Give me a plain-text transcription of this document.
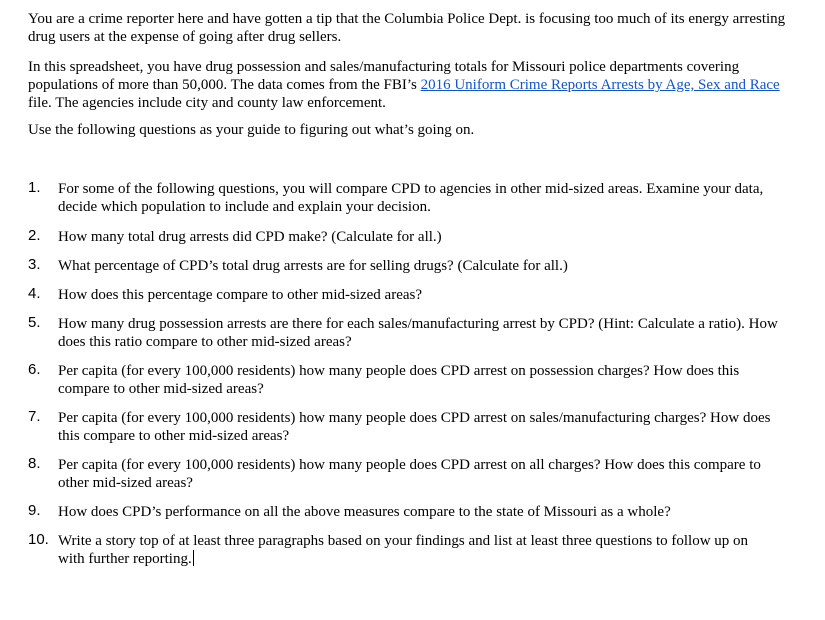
You are a crime reporter here and have gotten a tip that the Columbia Police Dept. is focusing too much of its energy arresting drug users at the expense of going after drug sellers.

In this spreadsheet, you have drug possession and sales/manufacturing totals for Missouri police departments covering populations of more than 50,000. The data comes from the FBI’s 2016 Uniform Crime Reports Arrests by Age, Sex and Race file. The agencies include city and county law enforcement.

Use the following questions as your guide to figuring out what’s going on.

1. For some of the following questions, you will compare CPD to agencies in other mid-sized areas. Examine your data, decide which population to include and explain your decision.
2. How many total drug arrests did CPD make? (Calculate for all.)
3. What percentage of CPD’s total drug arrests are for selling drugs? (Calculate for all.)
4. How does this percentage compare to other mid-sized areas?
5. How many drug possession arrests are there for each sales/manufacturing arrest by CPD? (Hint: Calculate a ratio). How does this ratio compare to other mid-sized areas?
6. Per capita (for every 100,000 residents) how many people does CPD arrest on possession charges? How does this compare to other mid-sized areas?
7. Per capita (for every 100,000 residents) how many people does CPD arrest on sales/manufacturing charges? How does this compare to other mid-sized areas?
8. Per capita (for every 100,000 residents) how many people does CPD arrest on all charges? How does this compare to other mid-sized areas?
9. How does CPD’s performance on all the above measures compare to the state of Missouri as a whole?
10. Write a story top of at least three paragraphs based on your findings and list at least three questions to follow up on with further reporting.
